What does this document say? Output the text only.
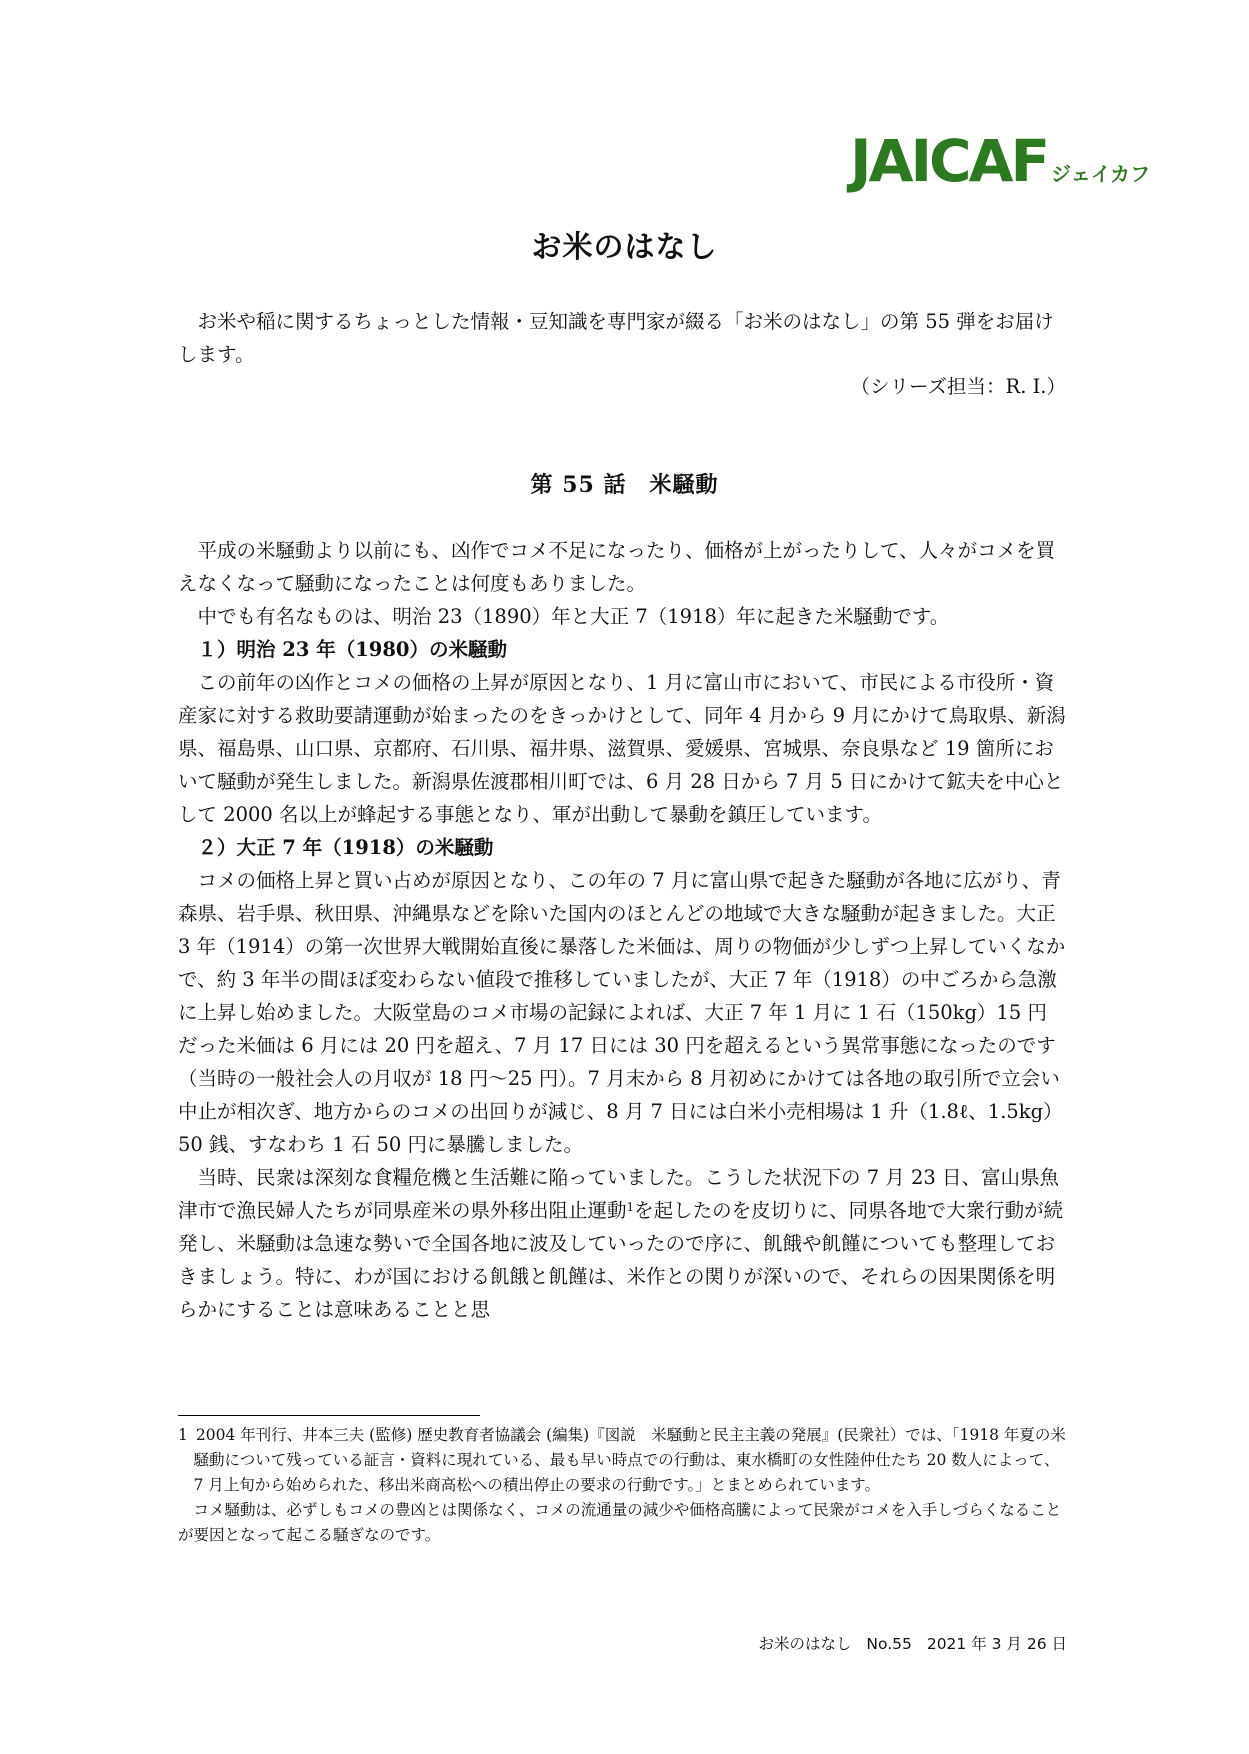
JAICAF ジェイカフ
お米のはなし

お米や稲に関するちょっとした情報・豆知識を専門家が綴る「お米のはなし」の第 55 弾をお届けします。

（シリーズ担当：R. I.）
第 55 話　米騒動

平成の米騒動より以前にも、凶作でコメ不足になったり、価格が上がったりして、人々がコメを買えなくなって騒動になったことは何度もありました。

中でも有名なものは、明治 23（1890）年と大正 7（1918）年に起きた米騒動です。

１）明治 23 年（1980）の米騒動

この前年の凶作とコメの価格の上昇が原因となり、1 月に富山市において、市民による市役所・資産家に対する救助要請運動が始まったのをきっかけとして、同年 4 月から 9 月にかけて鳥取県、新潟県、福島県、山口県、京都府、石川県、福井県、滋賀県、愛媛県、宮城県、奈良県など 19 箇所において騒動が発生しました。新潟県佐渡郡相川町では、6 月 28 日から 7 月 5 日にかけて鉱夫を中心として 2000 名以上が蜂起する事態となり、軍が出動して暴動を鎮圧しています。

２）大正 7 年（1918）の米騒動

コメの価格上昇と買い占めが原因となり、この年の 7 月に富山県で起きた騒動が各地に広がり、青森県、岩手県、秋田県、沖縄県などを除いた国内のほとんどの地域で大きな騒動が起きました。大正 3 年（1914）の第一次世界大戦開始直後に暴落した米価は、周りの物価が少しずつ上昇していくなかで、約 3 年半の間ほぼ変わらない値段で推移していましたが、大正 7 年（1918）の中ごろから急激に上昇し始めました。大阪堂島のコメ市場の記録によれば、大正 7 年 1 月に 1 石（150kg）15 円だった米価は 6 月には 20 円を超え、7 月 17 日には 30 円を超えるという異常事態になったのです（当時の一般社会人の月収が 18 円～25 円）。7 月末から 8 月初めにかけては各地の取引所で立会い中止が相次ぎ、地方からのコメの出回りが減じ、8 月 7 日には白米小売相場は 1 升（1.8ℓ、1.5kg）50 銭、すなわち 1 石 50 円に暴騰しました。

当時、民衆は深刻な食糧危機と生活難に陥っていました。こうした状況下の 7 月 23 日、富山県魚津市で漁民婦人たちが同県産米の県外移出阻止運動$^1$を起したのを皮切りに、同県各地で大衆行動が続発し、米騒動は急速な勢いで全国各地に波及していったので序に、飢餓や飢饉についても整理しておきましょう。特に、わが国における飢餓と飢饉は、米作との関りが深いので、それらの因果関係を明らかにすることは意味あることと思

1 2004 年刊行、井本三夫 (監修) 歴史教育者協議会 (編集)『図説　米騒動と民主主義の発展』(民衆社）では、「1918 年夏の米騒動について残っている証言・資料に現れている、最も早い時点での行動は、東水橋町の女性陸仲仕たち 20 数人によって、7 月上旬から始められた、移出米商高松への積出停止の要求の行動です。」とまとめられています。

コメ騒動は、必ずしもコメの豊凶とは関係なく、コメの流通量の減少や価格高騰によって民衆がコメを入手しづらくなることが要因となって起こる騒ぎなのです。

お米のはなし No.55 2021 年 3 月 26 日
